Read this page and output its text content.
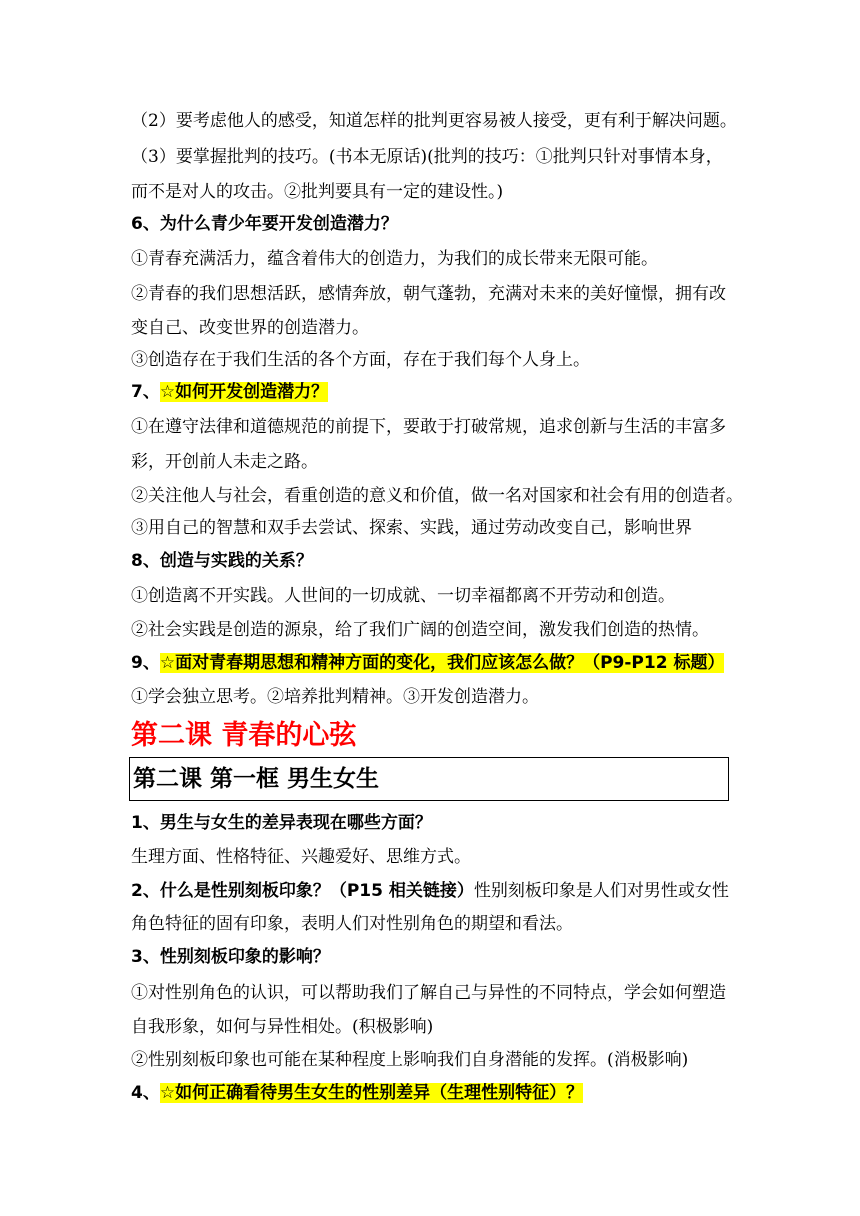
（2）要考虑他人的感受，知道怎样的批判更容易被人接受，更有利于解决问题。
（3）要掌握批判的技巧。(书本无原话)(批判的技巧：①批判只针对事情本身，
而不是对人的攻击。②批判要具有一定的建设性。)
6、为什么青少年要开发创造潜力？
①青春充满活力，蕴含着伟大的创造力，为我们的成长带来无限可能。
②青春的我们思想活跃，感情奔放，朝气蓬勃，充满对未来的美好憧憬，拥有改
变自己、改变世界的创造潜力。
③创造存在于我们生活的各个方面，存在于我们每个人身上。
7、☆如何开发创造潜力？
①在遵守法律和道德规范的前提下，要敢于打破常规，追求创新与生活的丰富多
彩，开创前人未走之路。
②关注他人与社会，看重创造的意义和价值，做一名对国家和社会有用的创造者。
③用自己的智慧和双手去尝试、探索、实践，通过劳动改变自己，影响世界
8、创造与实践的关系？
①创造离不开实践。人世间的一切成就、一切幸福都离不开劳动和创造。
②社会实践是创造的源泉，给了我们广阔的创造空间，激发我们创造的热情。
9、☆面对青春期思想和精神方面的变化，我们应该怎么做？（P9-P12 标题）
①学会独立思考。②培养批判精神。③开发创造潜力。
第二课 青春的心弦
第二课 第一框 男生女生
1、男生与女生的差异表现在哪些方面？
生理方面、性格特征、兴趣爱好、思维方式。
2、什么是性别刻板印象？（P15 相关链接）性别刻板印象是人们对男性或女性
角色特征的固有印象，表明人们对性别角色的期望和看法。
3、性别刻板印象的影响？
①对性别角色的认识，可以帮助我们了解自己与异性的不同特点，学会如何塑造
自我形象，如何与异性相处。(积极影响)
②性别刻板印象也可能在某种程度上影响我们自身潜能的发挥。(消极影响)
4、☆如何正确看待男生女生的性别差异（生理性别特征）？
